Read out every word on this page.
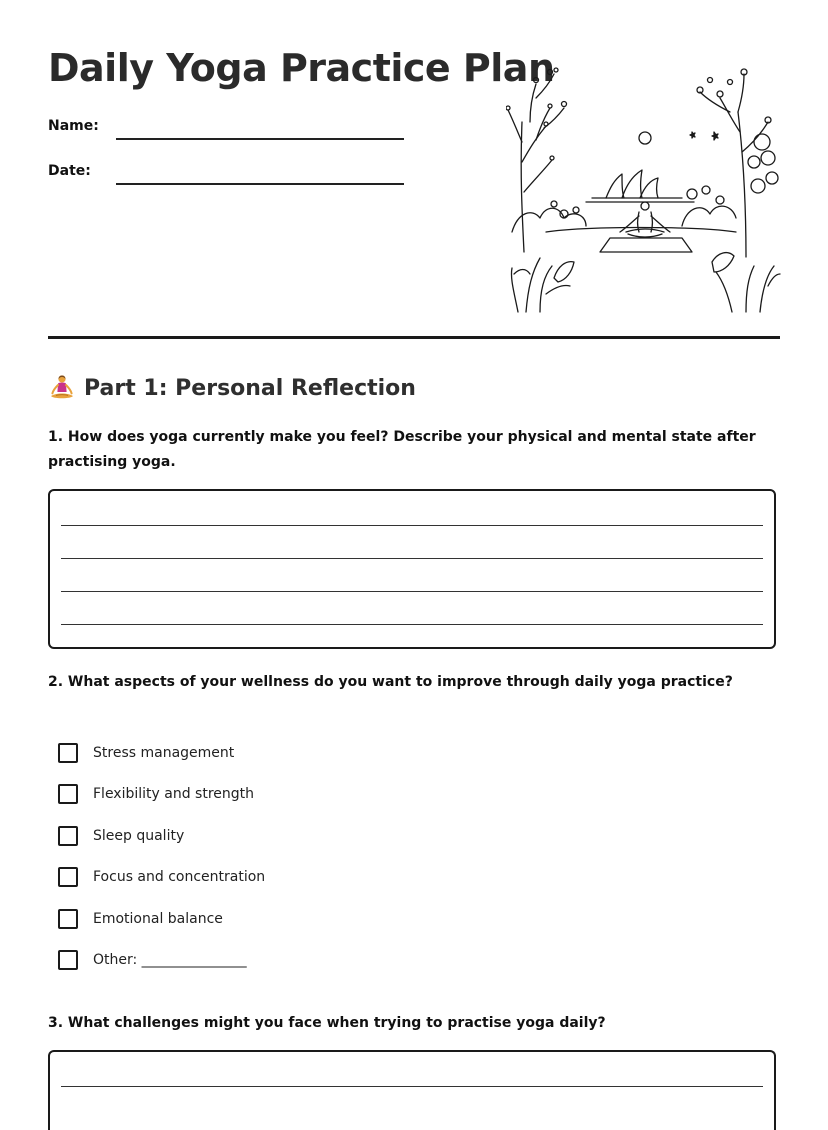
Daily Yoga Practice Plan
Name:
Date:
Part 1: Personal Reflection
1. How does yoga currently make you feel? Describe your physical and mental state after practising yoga.
2. What aspects of your wellness do you want to improve through daily yoga practice?
Stress management
Flexibility and strength
Sleep quality
Focus and concentration
Emotional balance
Other: _______________
3. What challenges might you face when trying to practise yoga daily?
